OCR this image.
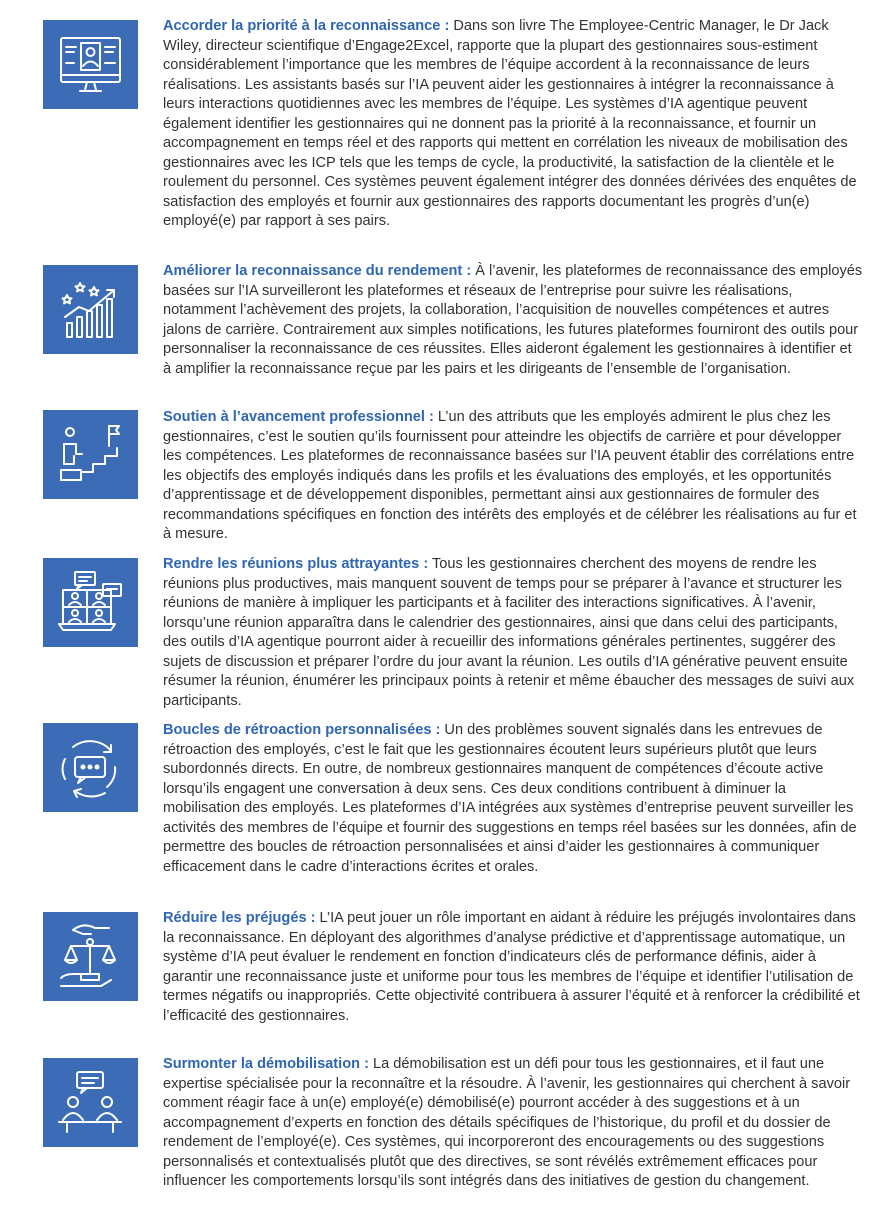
Accorder la priorité à la reconnaissance : Dans son livre The Employee-Centric Manager, le Dr Jack Wiley, directeur scientifique d’Engage2Excel, rapporte que la plupart des gestionnaires sous-estiment considérablement l’importance que les membres de l’équipe accordent à la reconnaissance de leurs réalisations. Les assistants basés sur l’IA peuvent aider les gestionnaires à intégrer la reconnaissance à leurs interactions quotidiennes avec les membres de l’équipe. Les systèmes d’IA agentique peuvent également identifier les gestionnaires qui ne donnent pas la priorité à la reconnaissance, et fournir un accompagnement en temps réel et des rapports qui mettent en corrélation les niveaux de mobilisation des gestionnaires avec les ICP tels que les temps de cycle, la productivité, la satisfaction de la clientèle et le roulement du personnel. Ces systèmes peuvent également intégrer des données dérivées des enquêtes de satisfaction des employés et fournir aux gestionnaires des rapports documentant les progrès d’un(e) employé(e) par rapport à ses pairs.

Améliorer la reconnaissance du rendement : À l’avenir, les plateformes de reconnaissance des employés basées sur l’IA surveilleront les plateformes et réseaux de l’entreprise pour suivre les réalisations, notamment l’achèvement des projets, la collaboration, l’acquisition de nouvelles compétences et autres jalons de carrière. Contrairement aux simples notifications, les futures plateformes fourniront des outils pour personnaliser la reconnaissance de ces réussites. Elles aideront également les gestionnaires à identifier et à amplifier la reconnaissance reçue par les pairs et les dirigeants de l’ensemble de l’organisation.

Soutien à l’avancement professionnel : L’un des attributs que les employés admirent le plus chez les gestionnaires, c’est le soutien qu’ils fournissent pour atteindre les objectifs de carrière et pour développer les compétences. Les plateformes de reconnaissance basées sur l’IA peuvent établir des corrélations entre les objectifs des employés indiqués dans les profils et les évaluations des employés, et les opportunités d’apprentissage et de développement disponibles, permettant ainsi aux gestionnaires de formuler des recommandations spécifiques en fonction des intérêts des employés et de célébrer les réalisations au fur et à mesure.

Rendre les réunions plus attrayantes : Tous les gestionnaires cherchent des moyens de rendre les réunions plus productives, mais manquent souvent de temps pour se préparer à l’avance et structurer les réunions de manière à impliquer les participants et à faciliter des interactions significatives. À l’avenir, lorsqu’une réunion apparaîtra dans le calendrier des gestionnaires, ainsi que dans celui des participants, des outils d’IA agentique pourront aider à recueillir des informations générales pertinentes, suggérer des sujets de discussion et préparer l’ordre du jour avant la réunion. Les outils d’IA générative peuvent ensuite résumer la réunion, énumérer les principaux points à retenir et même ébaucher des messages de suivi aux participants.

Boucles de rétroaction personnalisées : Un des problèmes souvent signalés dans les entrevues de rétroaction des employés, c’est le fait que les gestionnaires écoutent leurs supérieurs plutôt que leurs subordonnés directs. En outre, de nombreux gestionnaires manquent de compétences d’écoute active lorsqu’ils engagent une conversation à deux sens. Ces deux conditions contribuent à diminuer la mobilisation des employés. Les plateformes d’IA intégrées aux systèmes d’entreprise peuvent surveiller les activités des membres de l’équipe et fournir des suggestions en temps réel basées sur les données, afin de permettre des boucles de rétroaction personnalisées et ainsi d’aider les gestionnaires à communiquer efficacement dans le cadre d’interactions écrites et orales.

Réduire les préjugés : L’IA peut jouer un rôle important en aidant à réduire les préjugés involontaires dans la reconnaissance. En déployant des algorithmes d’analyse prédictive et d’apprentissage automatique, un système d’IA peut évaluer le rendement en fonction d’indicateurs clés de performance définis, aider à garantir une reconnaissance juste et uniforme pour tous les membres de l’équipe et identifier l’utilisation de termes négatifs ou inappropriés. Cette objectivité contribuera à assurer l’équité et à renforcer la crédibilité et l’efficacité des gestionnaires.

Surmonter la démobilisation : La démobilisation est un défi pour tous les gestionnaires, et il faut une expertise spécialisée pour la reconnaître et la résoudre. À l’avenir, les gestionnaires qui cherchent à savoir comment réagir face à un(e) employé(e) démobilisé(e) pourront accéder à des suggestions et à un accompagnement d’experts en fonction des détails spécifiques de l’historique, du profil et du dossier de rendement de l’employé(e). Ces systèmes, qui incorporeront des encouragements ou des suggestions personnalisés et contextualisés plutôt que des directives, se sont révélés extrêmement efficaces pour influencer les comportements lorsqu’ils sont intégrés dans des initiatives de gestion du changement.
